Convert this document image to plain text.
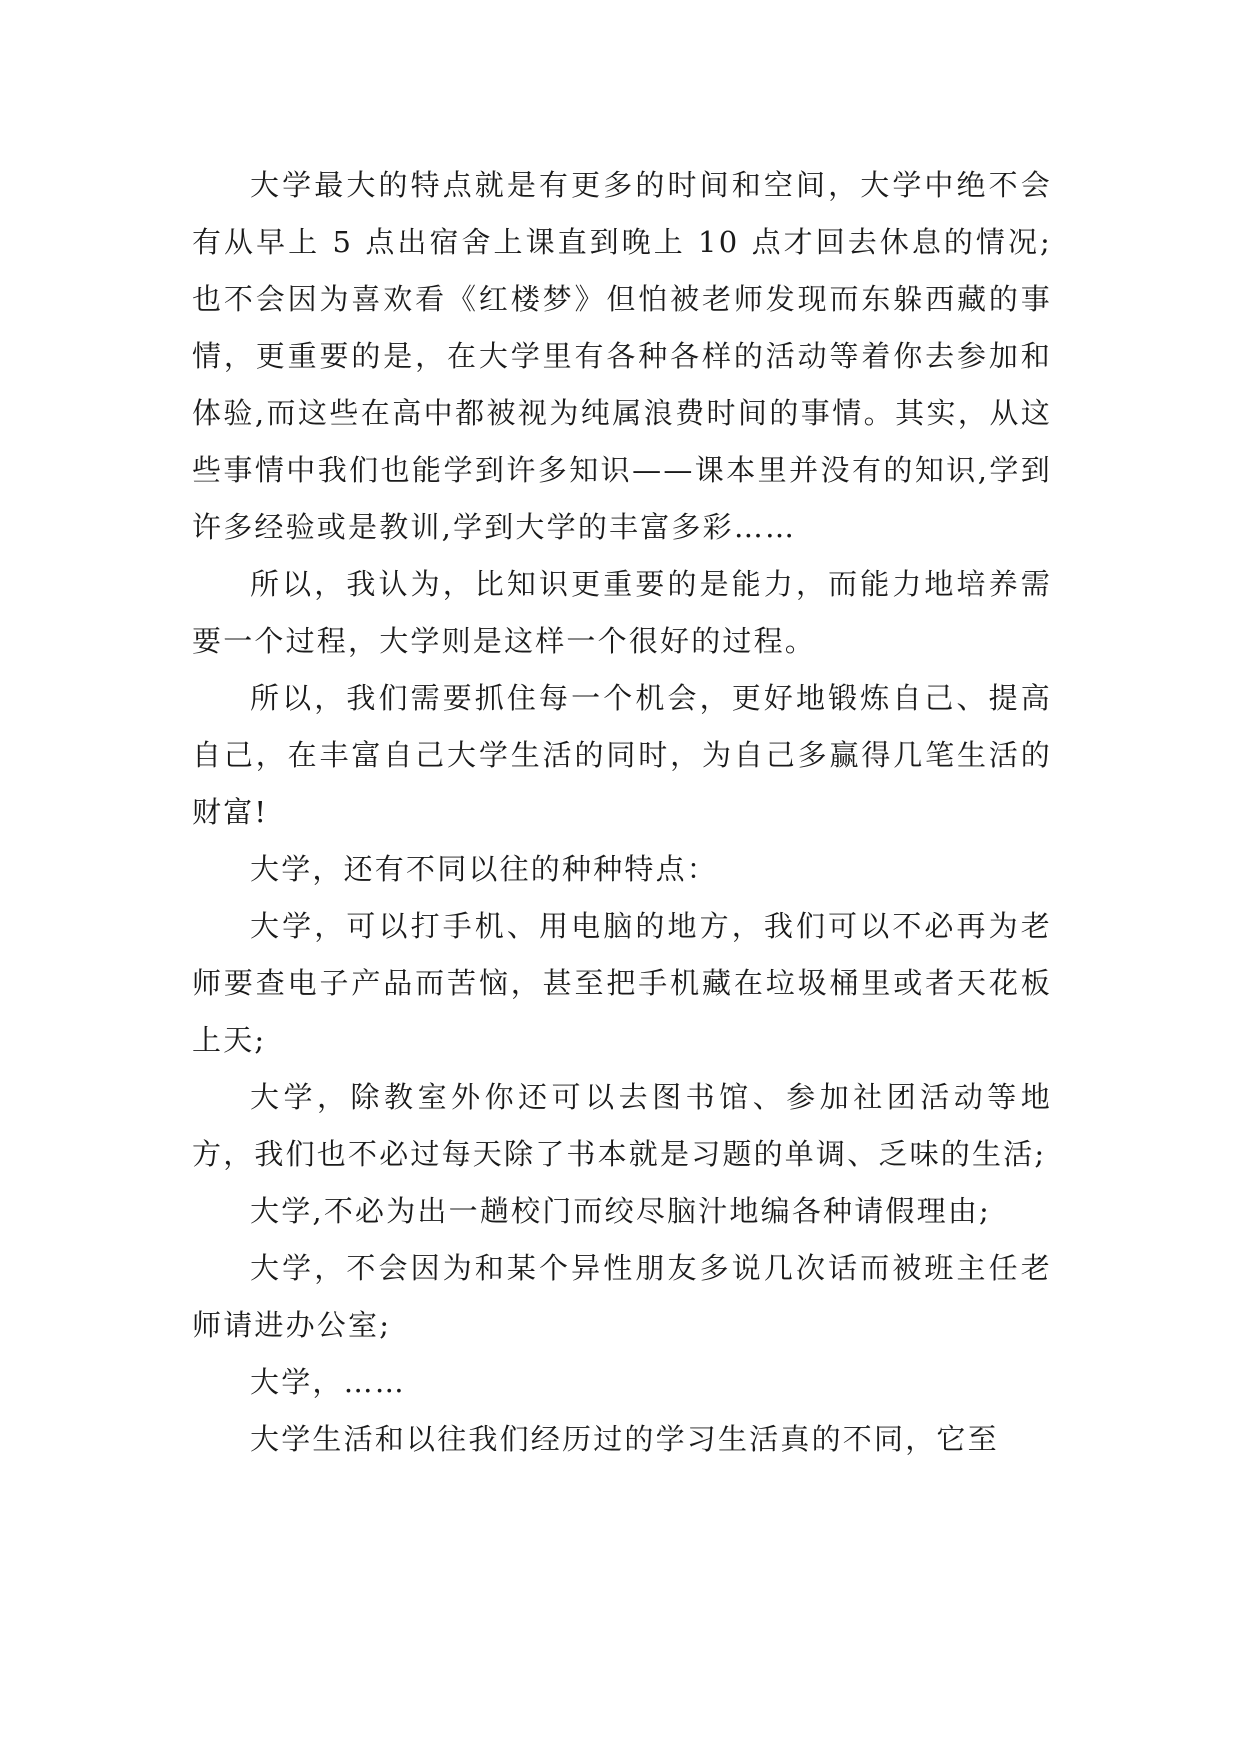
大学最大的特点就是有更多的时间和空间，大学中绝不会有从早上 5 点出宿舍上课直到晚上 10 点才回去休息的情况;也不会因为喜欢看《红楼梦》但怕被老师发现而东躲西藏的事情，更重要的是，在大学里有各种各样的活动等着你去参加和体验,而这些在高中都被视为纯属浪费时间的事情。其实，从这些事情中我们也能学到许多知识——课本里并没有的知识,学到许多经验或是教训,学到大学的丰富多彩……

所以，我认为，比知识更重要的是能力，而能力地培养需要一个过程，大学则是这样一个很好的过程。

所以，我们需要抓住每一个机会，更好地锻炼自己、提高自己，在丰富自己大学生活的同时，为自己多赢得几笔生活的财富!

大学，还有不同以往的种种特点：

大学，可以打手机、用电脑的地方，我们可以不必再为老师要查电子产品而苦恼，甚至把手机藏在垃圾桶里或者天花板上天;

大学，除教室外你还可以去图书馆、参加社团活动等地方，我们也不必过每天除了书本就是习题的单调、乏味的生活;

大学,不必为出一趟校门而绞尽脑汁地编各种请假理由;

大学，不会因为和某个异性朋友多说几次话而被班主任老师请进办公室;

大学，……

大学生活和以往我们经历过的学习生活真的不同，它至
